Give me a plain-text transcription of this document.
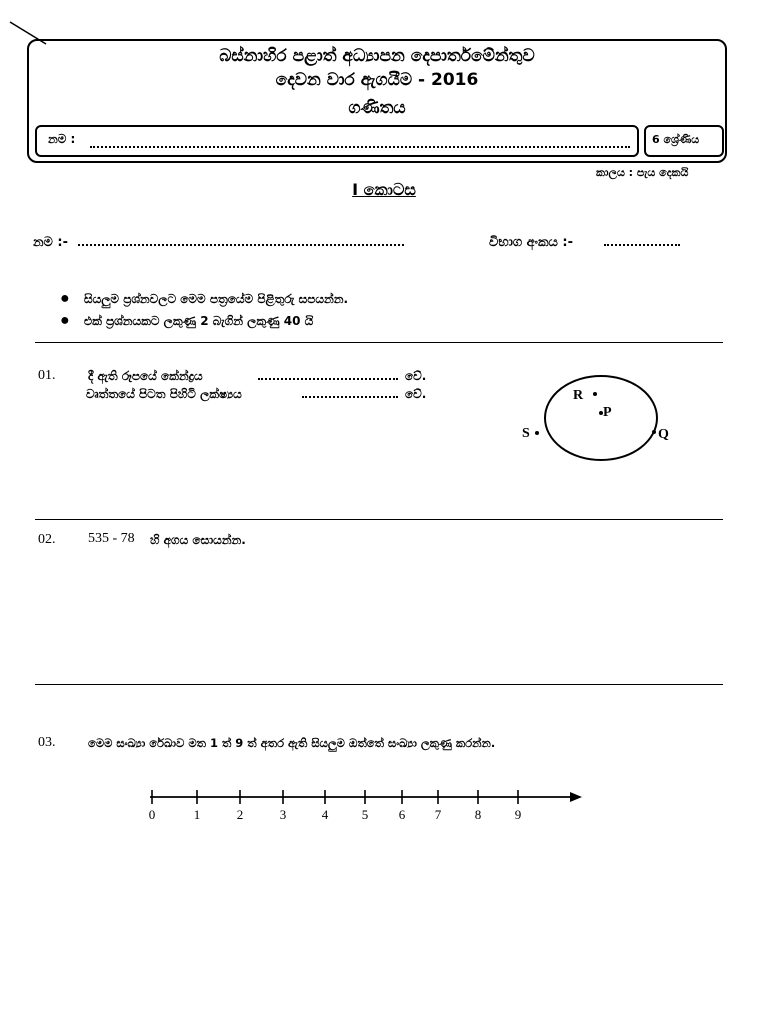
බස්නාහිර පළාත් අධ්‍යාපන දෙපාර්තමේන්තුව
දෙවන වාර ඇගයීම - 2016
ගණිතය
නම :	6 ශ්‍රේණිය
කාලය : පැය දෙකයි
I කොටස
නම :-	විභාග අංකය :-
● සියලුම ප්‍රශ්නවලට මෙම පත්‍රයේම පිළිතුරු සපයන්න.
● එක් ප්‍රශ්නයකට ලකුණු 2 බැගින් ලකුණු 40 යි
01.	දී ඇති රූපයේ කේන්ද්‍රය	වේ.
වෘත්තයේ පිටත පිහිටි ලක්ෂ්‍යය	වේ.	R
P
S	Q
02. 535 - 78 හි අගය සොයන්න.
03.	මෙම සංඛ්‍යා රේඛාව මත 1 ත් 9 ත් අතර ඇති සියලුම ඔත්තේ සංඛ්‍යා ලකුණු කරන්න.
0	1	2	3	4	5 6 7	8	9
